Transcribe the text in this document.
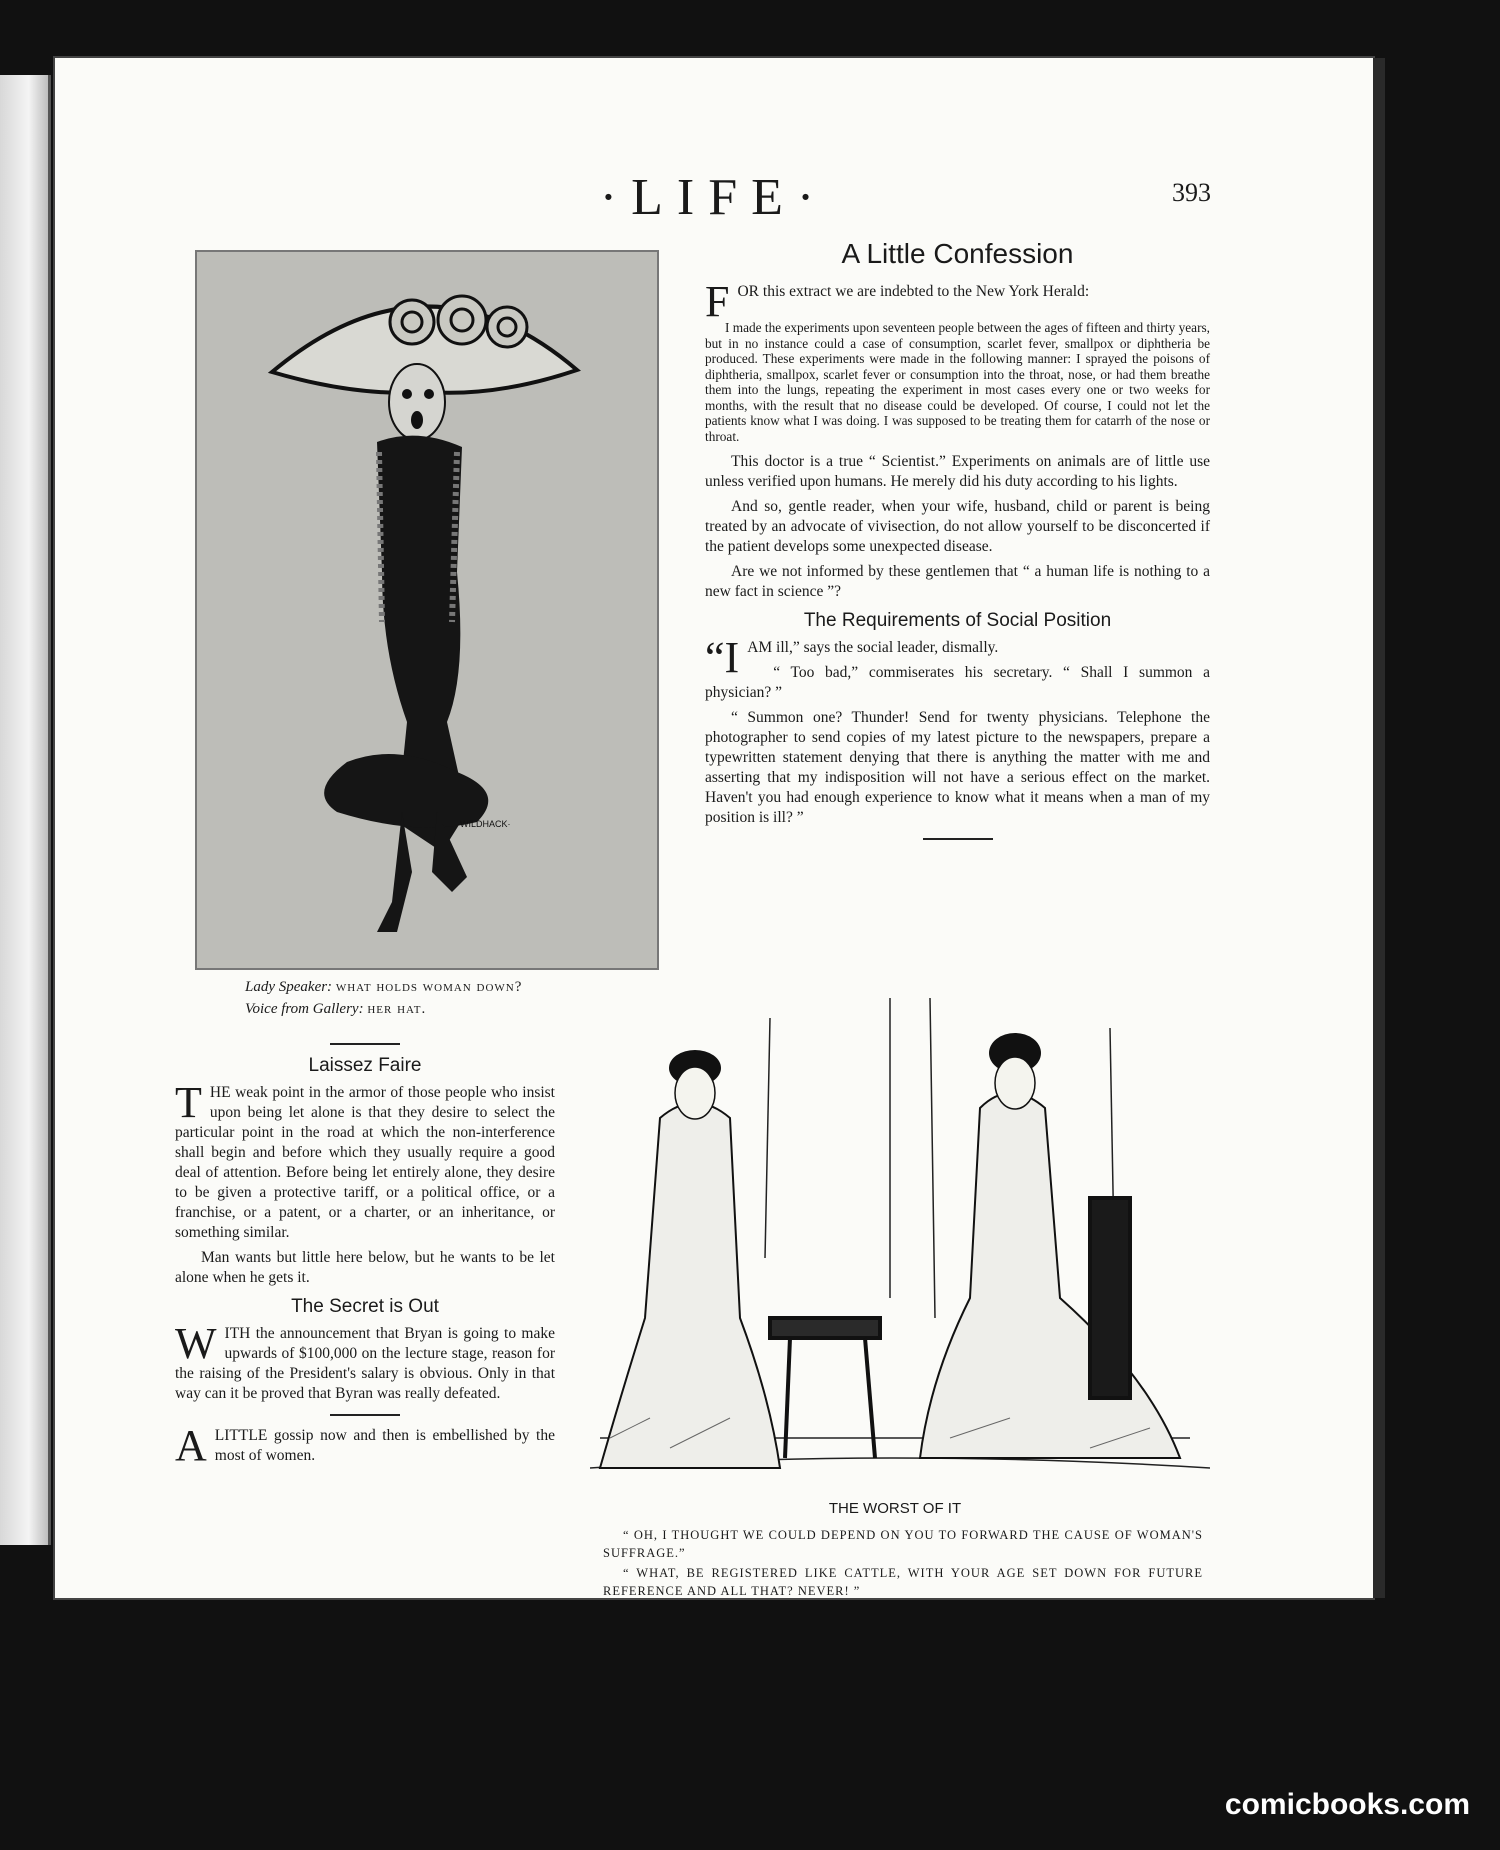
·LIFE·	393
·WILDHACK·
Lady Speaker: what holds woman down?
Voice from Gallery: her hat.
A Little Confession

FOR this extract we are indebted to the New York Herald:

I made the experiments upon seventeen people between the ages of fifteen and thirty years, but in no instance could a case of consumption, scarlet fever, smallpox or diphtheria be produced. These experiments were made in the following manner: I sprayed the poisons of diphtheria, smallpox, scarlet fever or consumption into the throat, nose, or had them breathe them into the lungs, repeating the experiment in most cases every one or two weeks for months, with the result that no disease could be developed. Of course, I could not let the patients know what I was doing. I was supposed to be treating them for catarrh of the nose or throat.

This doctor is a true “ Scientist.” Experiments on animals are of little use unless verified upon humans. He merely did his duty according to his lights.

And so, gentle reader, when your wife, husband, child or parent is being treated by an advocate of vivisection, do not allow yourself to be disconcerted if the patient develops some unexpected disease.

Are we not informed by these gentlemen that “ a human life is nothing to a new fact in science ”?

The Requirements of Social Position

“IAM ill,” says the social leader, dismally.

“ Too bad,” commiserates his secretary. “ Shall I summon a physician? ”

“ Summon one? Thunder! Send for twenty physicians. Telephone the photographer to send copies of my latest picture to the newspapers, prepare a typewritten statement denying that there is anything the matter with me and asserting that my indisposition will not have a serious effect on the market. Haven't you had enough experience to know what it means when a man of my position is ill? ”

Laissez Faire

THE weak point in the armor of those people who insist upon being let alone is that they desire to select the particular point in the road at which the non-interference shall begin and before which they usually require a good deal of attention. Before being let entirely alone, they desire to be given a protective tariff, or a political office, or a franchise, or a patent, or a charter, or an inheritance, or something similar.

Man wants but little here below, but he wants to be let alone when he gets it.

The Secret is Out

WITH the announcement that Bryan is going to make upwards of $100,000 on the lecture stage, reason for the raising of the President's salary is obvious. Only in that way can it be proved that Byran was really defeated.

ALITTLE gossip now and then is embellished by the most of women.

THE WORST OF IT

“ OH, I THOUGHT WE COULD DEPEND ON YOU TO FORWARD THE CAUSE OF WOMAN'S SUFFRAGE.”

“ WHAT, BE REGISTERED LIKE CATTLE, WITH YOUR AGE SET DOWN FOR FUTURE REFERENCE AND ALL THAT? NEVER! ”

comicbooks.com
